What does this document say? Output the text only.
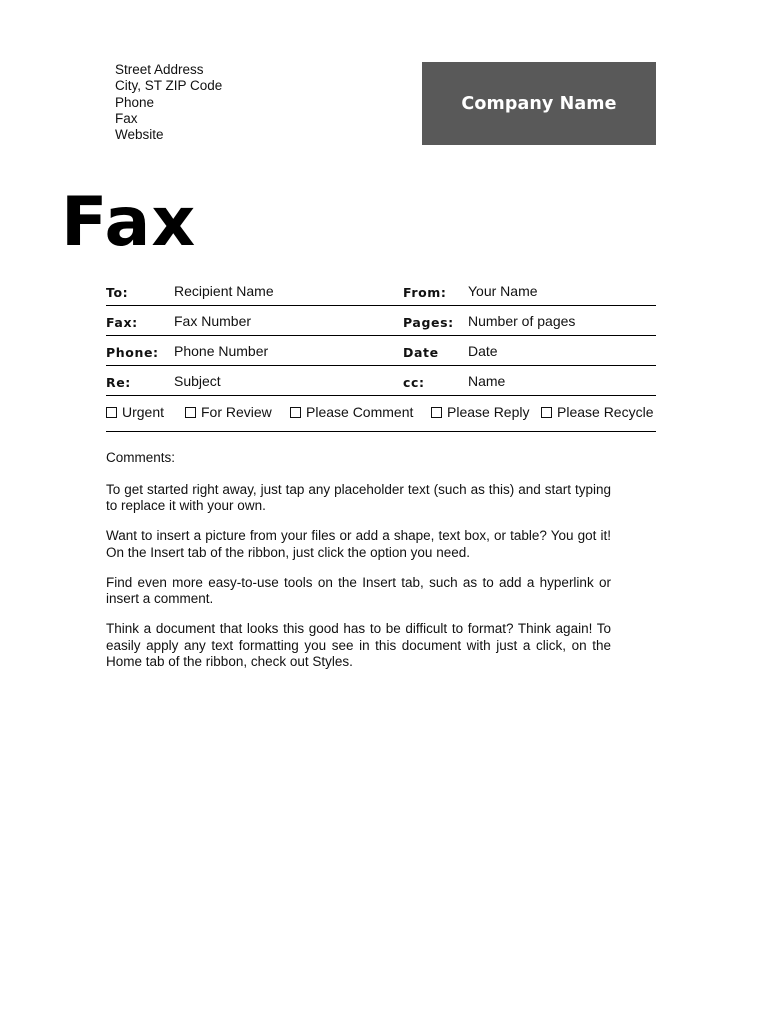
Street Address
City, ST ZIP Code
Phone
Fax
Website
Company Name
Fax
To:	Recipient Name	From: Your Name
Fax:	Fax Number	Pages: Number of pages
Phone: Phone Number	Date Date
Re:	Subject	cc:	Name
Urgent	For Review	Please Comment	Please Reply	Please Recycle

Comments:

To get started right away, just tap any placeholder text (such as this) and start typing to replace it with your own.

Want to insert a picture from your files or add a shape, text box, or table? You got it! On the Insert tab of the ribbon, just click the option you need.

Find even more easy-to-use tools on the Insert tab, such as to add a hyperlink or insert a comment.

Think a document that looks this good has to be difficult to format? Think again! To easily apply any text formatting you see in this document with just a click, on the Home tab of the ribbon, check out Styles.
